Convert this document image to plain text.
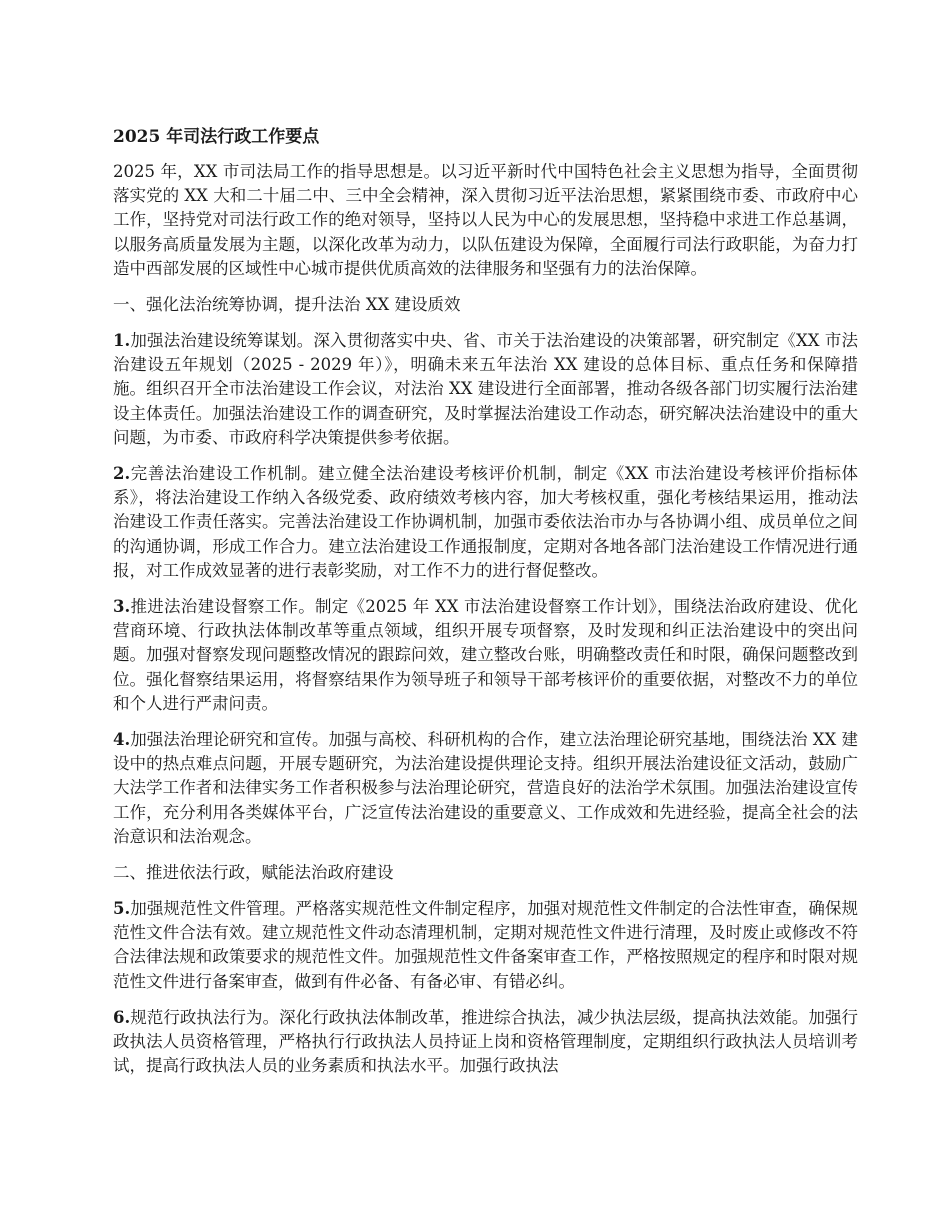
2025 年司法行政工作要点

2025 年，XX 市司法局工作的指导思想是。以习近平新时代中国特色社会主义思想为指导，全面贯彻落实党的 XX 大和二十届二中、三中全会精神，深入贯彻习近平法治思想，紧紧围绕市委、市政府中心工作，坚持党对司法行政工作的绝对领导，坚持以人民为中心的发展思想，坚持稳中求进工作总基调，以服务高质量发展为主题，以深化改革为动力，以队伍建设为保障，全面履行司法行政职能，为奋力打造中西部发展的区域性中心城市提供优质高效的法律服务和坚强有力的法治保障。

一、强化法治统筹协调，提升法治 XX 建设质效

1.加强法治建设统筹谋划。深入贯彻落实中央、省、市关于法治建设的决策部署，研究制定《XX 市法治建设五年规划（2025 - 2029 年）》，明确未来五年法治 XX 建设的总体目标、重点任务和保障措施。组织召开全市法治建设工作会议，对法治 XX 建设进行全面部署，推动各级各部门切实履行法治建设主体责任。加强法治建设工作的调查研究，及时掌握法治建设工作动态，研究解决法治建设中的重大问题，为市委、市政府科学决策提供参考依据。

2.完善法治建设工作机制。建立健全法治建设考核评价机制，制定《XX 市法治建设考核评价指标体系》，将法治建设工作纳入各级党委、政府绩效考核内容，加大考核权重，强化考核结果运用，推动法治建设工作责任落实。完善法治建设工作协调机制，加强市委依法治市办与各协调小组、成员单位之间的沟通协调，形成工作合力。建立法治建设工作通报制度，定期对各地各部门法治建设工作情况进行通报，对工作成效显著的进行表彰奖励，对工作不力的进行督促整改。

3.推进法治建设督察工作。制定《2025 年 XX 市法治建设督察工作计划》，围绕法治政府建设、优化营商环境、行政执法体制改革等重点领域，组织开展专项督察，及时发现和纠正法治建设中的突出问题。加强对督察发现问题整改情况的跟踪问效，建立整改台账，明确整改责任和时限，确保问题整改到位。强化督察结果运用，将督察结果作为领导班子和领导干部考核评价的重要依据，对整改不力的单位和个人进行严肃问责。

4.加强法治理论研究和宣传。加强与高校、科研机构的合作，建立法治理论研究基地，围绕法治 XX 建设中的热点难点问题，开展专题研究，为法治建设提供理论支持。组织开展法治建设征文活动，鼓励广大法学工作者和法律实务工作者积极参与法治理论研究，营造良好的法治学术氛围。加强法治建设宣传工作，充分利用各类媒体平台，广泛宣传法治建设的重要意义、工作成效和先进经验，提高全社会的法治意识和法治观念。

二、推进依法行政，赋能法治政府建设

5.加强规范性文件管理。严格落实规范性文件制定程序，加强对规范性文件制定的合法性审查，确保规范性文件合法有效。建立规范性文件动态清理机制，定期对规范性文件进行清理，及时废止或修改不符合法律法规和政策要求的规范性文件。加强规范性文件备案审查工作，严格按照规定的程序和时限对规范性文件进行备案审查，做到有件必备、有备必审、有错必纠。

6.规范行政执法行为。深化行政执法体制改革，推进综合执法，减少执法层级，提高执法效能。加强行政执法人员资格管理，严格执行行政执法人员持证上岗和资格管理制度，定期组织行政执法人员培训考试，提高行政执法人员的业务素质和执法水平。加强行政执法
